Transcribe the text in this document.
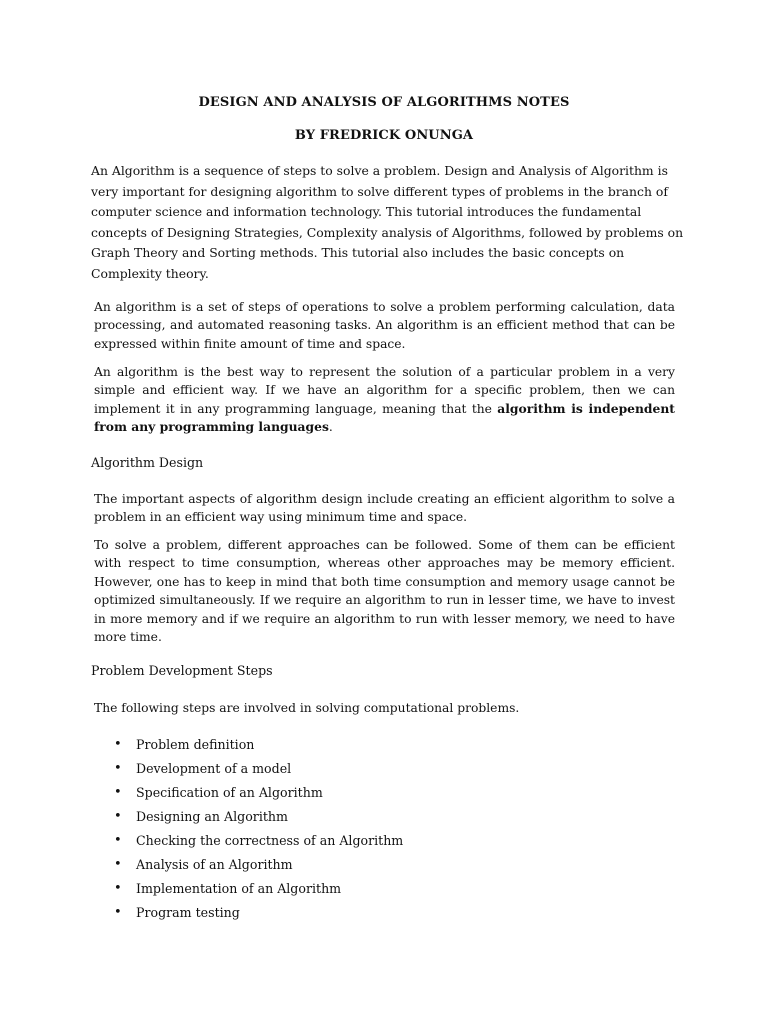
DESIGN AND ANALYSIS OF ALGORITHMS NOTES
BY FREDRICK ONUNGA

An Algorithm is a sequence of steps to solve a problem. Design and Analysis of Algorithm is very important for designing algorithm to solve different types of problems in the branch of computer science and information technology. This tutorial introduces the fundamental concepts of Designing Strategies, Complexity analysis of Algorithms, followed by problems on Graph Theory and Sorting methods. This tutorial also includes the basic concepts on Complexity theory.

An algorithm is a set of steps of operations to solve a problem performing calculation, data processing, and automated reasoning tasks. An algorithm is an efficient method that can be expressed within finite amount of time and space.

An algorithm is the best way to represent the solution of a particular problem in a very simple and efficient way. If we have an algorithm for a specific problem, then we can implement it in any programming language, meaning that the algorithm is independent from any programming languages.

Algorithm Design

The important aspects of algorithm design include creating an efficient algorithm to solve a problem in an efficient way using minimum time and space.

To solve a problem, different approaches can be followed. Some of them can be efficient with respect to time consumption, whereas other approaches may be memory efficient. However, one has to keep in mind that both time consumption and memory usage cannot be optimized simultaneously. If we require an algorithm to run in lesser time, we have to invest in more memory and if we require an algorithm to run with lesser memory, we need to have more time.

Problem Development Steps

The following steps are involved in solving computational problems.

• Problem definition
• Development of a model
• Specification of an Algorithm
• Designing an Algorithm
• Checking the correctness of an Algorithm
• Analysis of an Algorithm
• Implementation of an Algorithm
• Program testing
